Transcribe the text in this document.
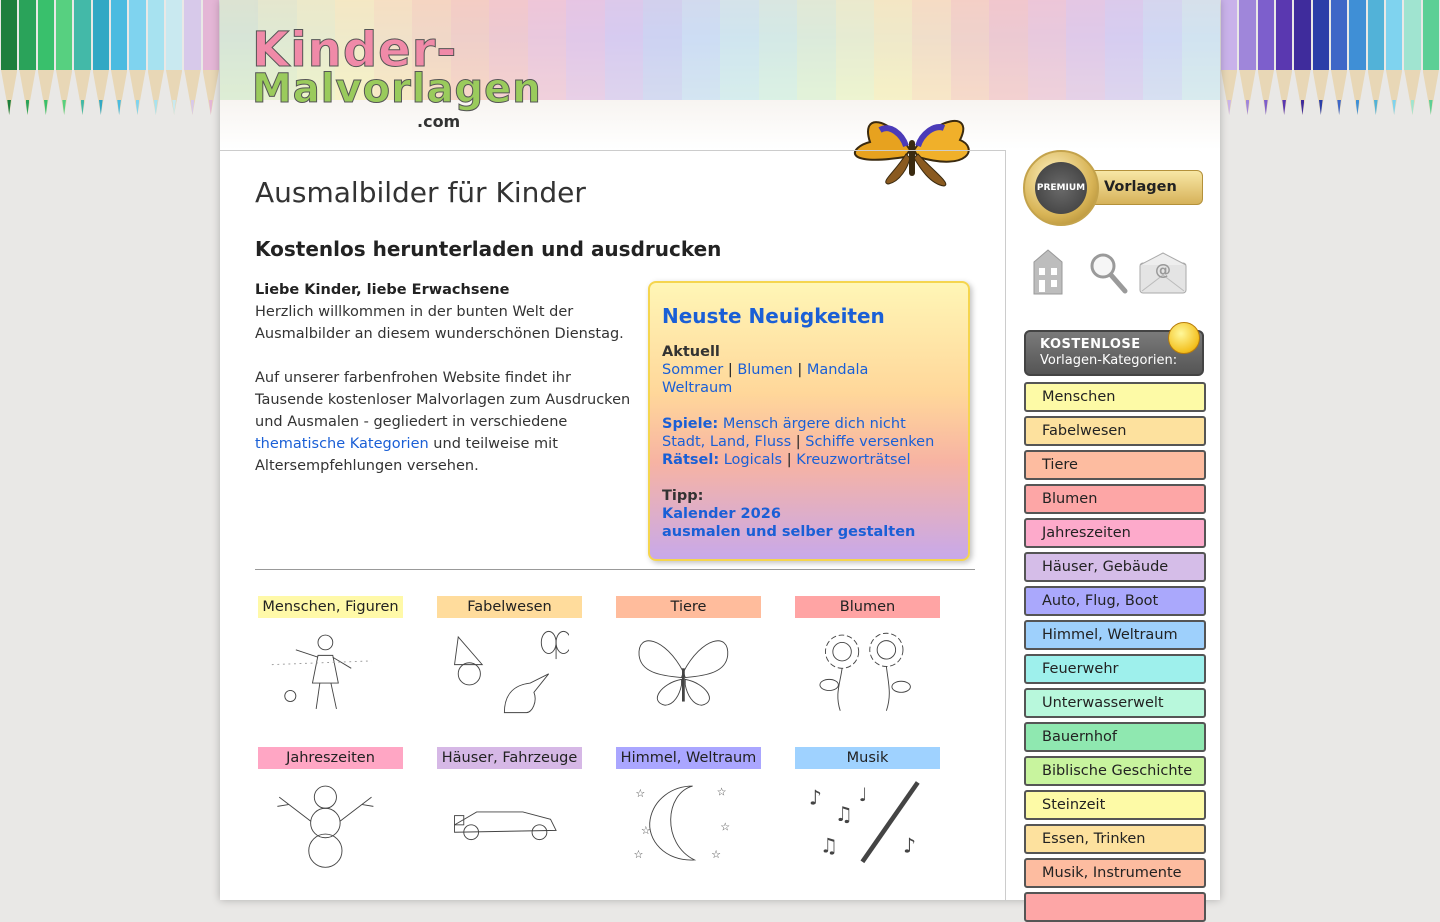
Kinder-
Malvorlagen
.com
Ausmalbilder für Kinder
Kostenlos herunterladen und ausdrucken
Liebe Kinder, liebe Erwachsene
Herzlich willkommen in der bunten Welt der Ausmalbilder an diesem wunderschönen Dienstag.

Auf unserer farbenfrohen Website findet ihr Tausende kostenloser Malvorlagen zum Ausdrucken und Ausmalen - gegliedert in verschiedene thematische Kategorien und teilweise mit Altersempfehlungen versehen.
Neuste Neuigkeiten
Aktuell
Sommer | Blumen | Mandala
Weltraum
Spiele: Mensch ärgere dich nicht
Stadt, Land, Fluss | Schiffe versenken
Rätsel: Logicals | Kreuzworträtsel
Tipp:
Kalender 2026
ausmalen und selber gestalten
Menschen, Figuren	Fabelwesen	Tiere	Blumen
Jahreszeiten	Häuser, Fahrzeuge	Himmel, Weltraum
☆	☆
☆	☆
☆
☆
Musik
♪
♫
♫
♩
♪
Vorlagen
PREMIUM
@
KOSTENLOSE
Vorlagen-Kategorien:
Menschen
Fabelwesen
Tiere
Blumen
Jahreszeiten
Häuser, Gebäude
Auto, Flug, Boot
Himmel, Weltraum
Feuerwehr
Unterwasserwelt
Bauernhof
Biblische Geschichte
Steinzeit
Essen, Trinken
Musik, Instrumente
